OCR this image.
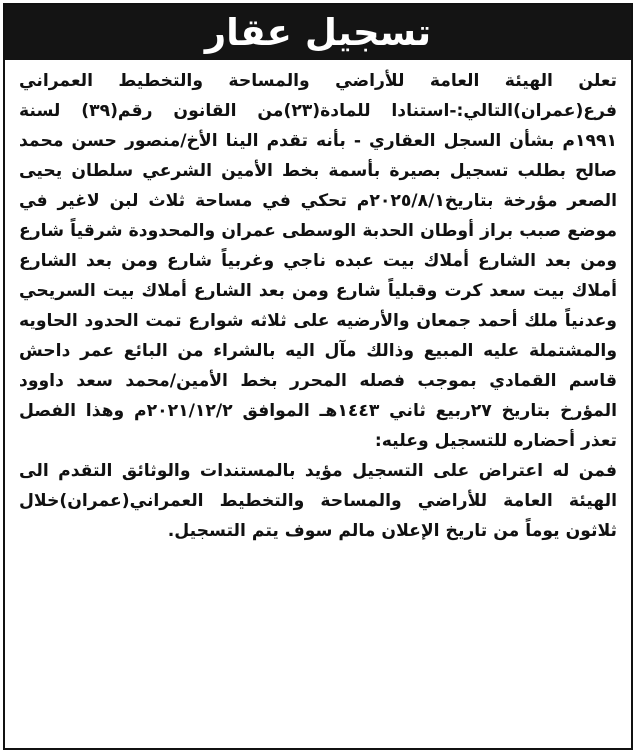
تسجيل عقار

تعلن الهيئة العامة للأراضي والمساحة والتخطيط العمراني فرع(عمران)التالي:-استنادا للمادة(٢٣)من القانون رقم(٣٩) لسنة ١٩٩١م بشأن السجل العقاري - بأنه تقدم الينا الأخ/منصور حسن محمد صالح بطلب تسجيل بصيرة بأسمة بخط الأمين الشرعي سلطان يحيى الصعر مؤرخة بتاريخ٢٠٢٥/٨/١م تحكي في مساحة ثلاث لبن لاغير في موضع صبب براز أوطان الحدبة الوسطى عمران والمحدودة شرقياً شارع ومن بعد الشارع أملاك بيت عبده ناجي وغربياً شارع ومن بعد الشارع أملاك بيت سعد كرت وقبلياً شارع ومن بعد الشارع أملاك بيت السريحي وعدنياً ملك أحمد جمعان والأرضيه على ثلاثه شوارع تمت الحدود الحاويه والمشتملة عليه المبيع وذالك مآل اليه بالشراء من البائع عمر داحش قاسم القمادي بموجب فصله المحرر بخط الأمين/محمد سعد داوود المؤرخ بتاريخ ٢٧ربيع ثاني ١٤٤٣هـ الموافق ٢٠٢١/١٢/٢م وهذا الفصل تعذر أحضاره للتسجيل وعليه:

فمن له اعتراض على التسجيل مؤيد بالمستندات والوثائق التقدم الى الهيئة العامة للأراضي والمساحة والتخطيط العمراني(عمران)خلال ثلاثون يوماً من تاريخ الإعلان مالم سوف يتم التسجيل.
